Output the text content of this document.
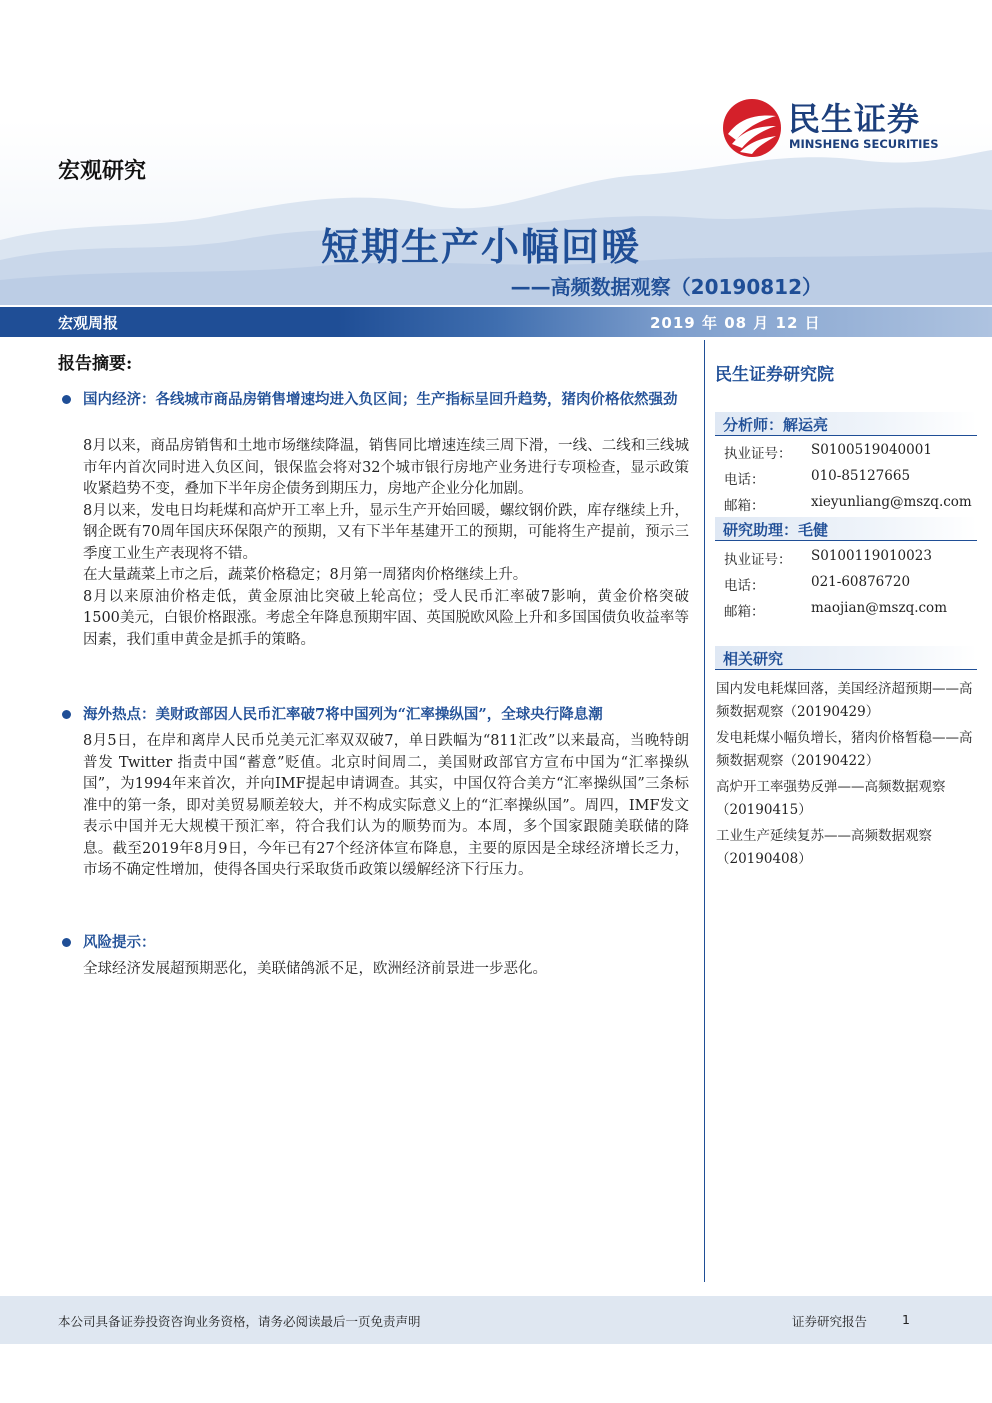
民生证券
MINSHENG SECURITIES
宏观研究
短期生产小幅回暖
——高频数据观察（20190812）
宏观周报	2019 年 08 月 12 日
报告摘要:
国内经济：各线城市商品房销售增速均进入负区间；生产指标呈回升趋势，猪肉价格依然强劲

8月以来，商品房销售和土地市场继续降温，销售同比增速连续三周下滑，一线、二线和三线城市年内首次同时进入负区间，银保监会将对32个城市银行房地产业务进行专项检查，显示政策收紧趋势不变，叠加下半年房企债务到期压力，房地产企业分化加剧。

8月以来，发电日均耗煤和高炉开工率上升，显示生产开始回暖，螺纹钢价跌，库存继续上升，钢企既有70周年国庆环保限产的预期，又有下半年基建开工的预期，可能将生产提前，预示三季度工业生产表现将不错。

在大量蔬菜上市之后，蔬菜价格稳定；8月第一周猪肉价格继续上升。

8月以来原油价格走低，黄金原油比突破上轮高位；受人民币汇率破7影响，黄金价格突破1500美元，白银价格跟涨。考虑全年降息预期牢固、英国脱欧风险上升和多国国债负收益率等因素，我们重申黄金是抓手的策略。

海外热点：美财政部因人民币汇率破7将中国列为“汇率操纵国”，全球央行降息潮

8月5日，在岸和离岸人民币兑美元汇率双双破7，单日跌幅为“811汇改”以来最高，当晚特朗普发 Twitter 指责中国“蓄意”贬值。北京时间周二，美国财政部官方宣布中国为“汇率操纵国”，为1994年来首次，并向IMF提起申请调查。其实，中国仅符合美方“汇率操纵国”三条标准中的第一条，即对美贸易顺差较大，并不构成实际意义上的“汇率操纵国”。周四，IMF发文表示中国并无大规模干预汇率，符合我们认为的顺势而为。本周，多个国家跟随美联储的降息。截至2019年8月9日，今年已有27个经济体宣布降息，主要的原因是全球经济增长乏力，市场不确定性增加，使得各国央行采取货币政策以缓解经济下行压力。

风险提示：

全球经济发展超预期恶化，美联储鸽派不足，欧洲经济前景进一步恶化。

民生证券研究院
分析师：解运亮
执业证号： S0100519040001
电话：	010-85127665
邮箱：	xieyunliang@mszq.com
研究助理：毛健
执业证号： S0100119010023
电话：	021-60876720
邮箱：	maojian@mszq.com
相关研究

国内发电耗煤回落，美国经济超预期——高频数据观察（20190429）

发电耗煤小幅负增长，猪肉价格暂稳——高频数据观察（20190422）

高炉开工率强势反弹——高频数据观察（20190415）

工业生产延续复苏——高频数据观察（20190408）

本公司具备证券投资咨询业务资格，请务必阅读最后一页免责声明	证券研究报告	1
